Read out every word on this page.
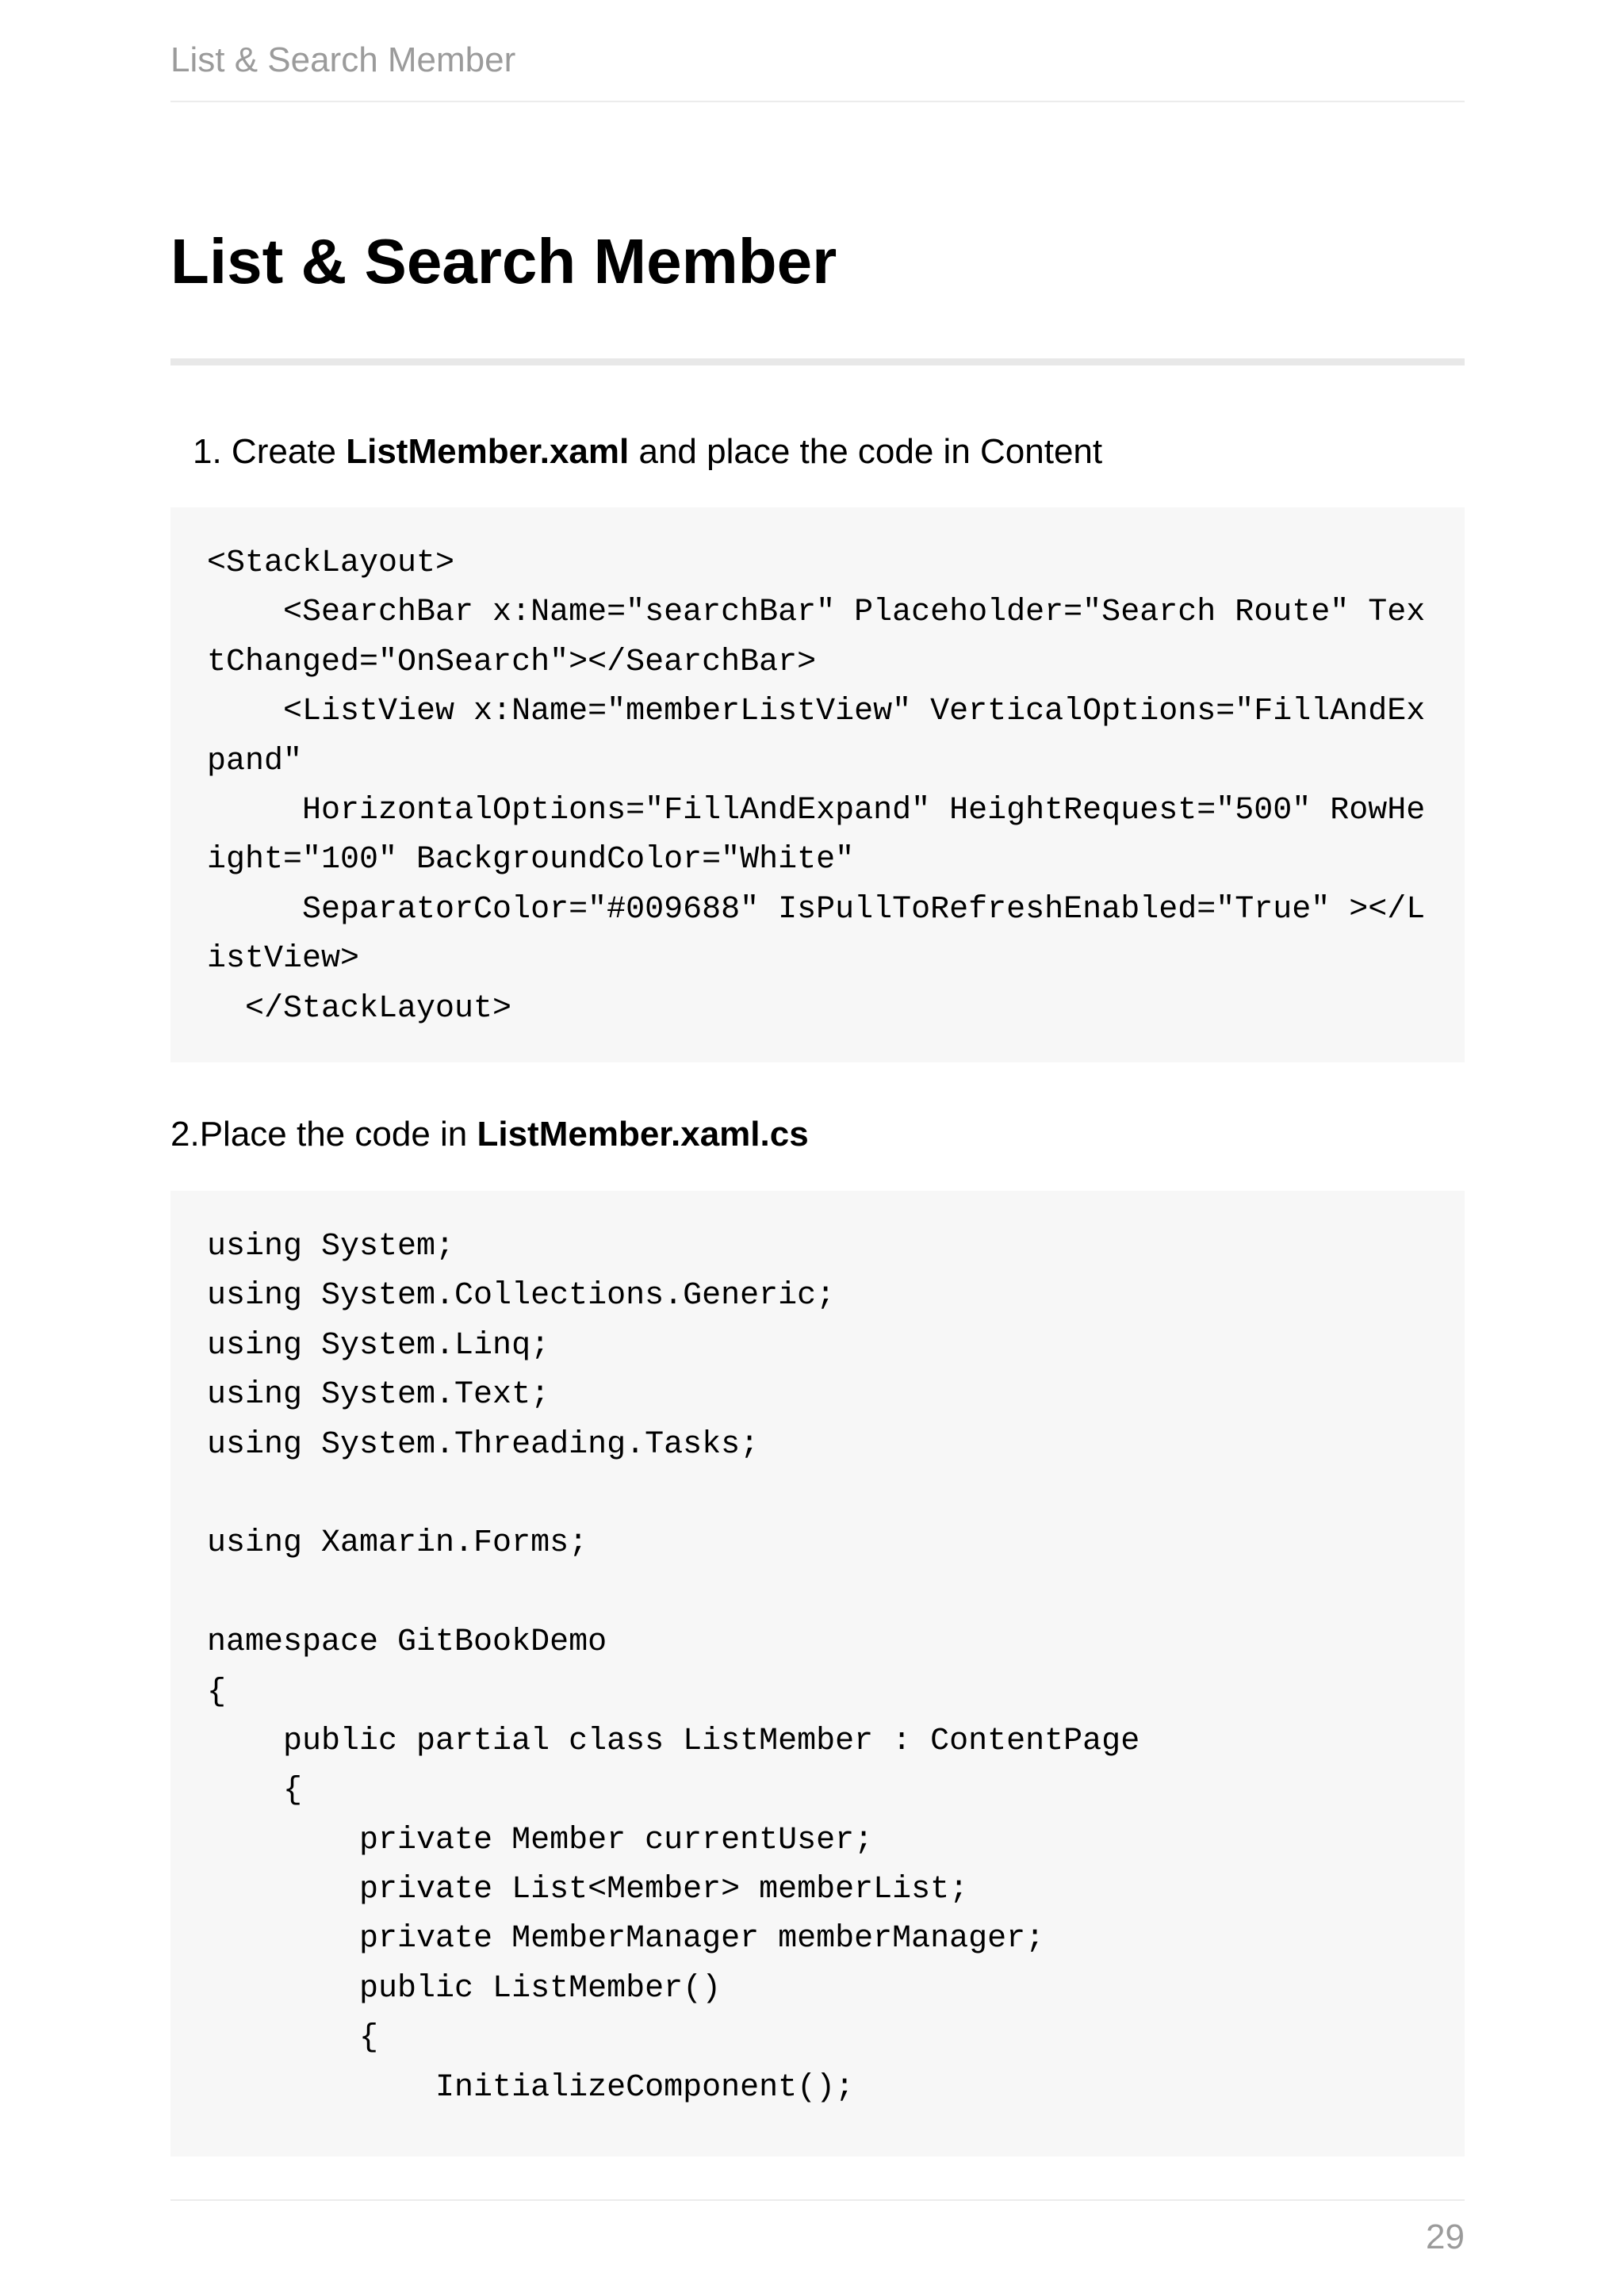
List & Search Member
List & Search Member
1. Create ListMember.xaml and place the code in Content
<StackLayout>
<SearchBar x:Name="searchBar" Placeholder="Search Route" Tex
tChanged="OnSearch"></SearchBar>
<ListView x:Name="memberListView" VerticalOptions="FillAndEx
pand"
HorizontalOptions="FillAndExpand" HeightRequest="500" RowHe
ight="100" BackgroundColor="White"
SeparatorColor="#009688" IsPullToRefreshEnabled="True" ></L
istView>
</StackLayout>
2.Place the code in ListMember.xaml.cs
using System;
using System.Collections.Generic;
using System.Linq;
using System.Text;
using System.Threading.Tasks;
using Xamarin.Forms;
namespace GitBookDemo
{
public partial class ListMember : ContentPage
{
private Member currentUser;
private List<Member> memberList;
private MemberManager memberManager;
public ListMember()
{
InitializeComponent();
29
